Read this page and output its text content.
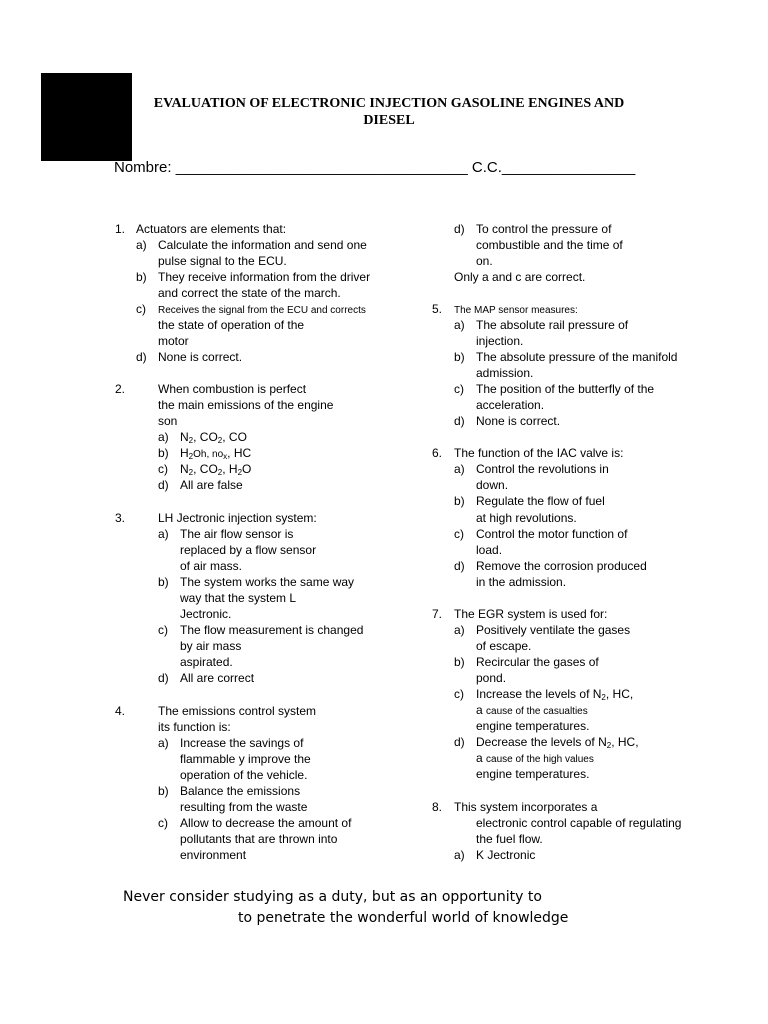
EVALUATION OF ELECTRONIC INJECTION GASOLINE ENGINES AND
DIESEL
Nombre: ___________________________________ C.C.________________
1. Actuators are elements that:
a) Calculate the information and send one
pulse signal to the ECU.
b) They receive information from the driver
and correct the state of the march.
c) Receives the signal from the ECU and corrects
the state of operation of the
motor
d) None is correct.
2.	When combustion is perfect
the main emissions of the engine
son
a) $N_2$, $CO_2$, CO
b) $H_2Oh$, $no_x$, HC
c) $N_2$, $CO_2$, $H_2O$
d) All are false
3.	LH Jectronic injection system:
a) The air flow sensor is
replaced by a flow sensor
of air mass.
b) The system works the same way
way that the system L
Jectronic.
c) The flow measurement is changed
by air mass
aspirated.
d) All are correct
4.	The emissions control system
its function is:
a) Increase the savings of
flammable y improve the
operation of the vehicle.
b) Balance the emissions
resulting from the waste
c) Allow to decrease the amount of
pollutants that are thrown into
environment
d) To control the pressure of
combustible and the time of
on.
Only a and c are correct.
5. The MAP sensor measures:
a) The absolute rail pressure of
injection.
b) The absolute pressure of the manifold
admission.
c) The position of the butterfly of the
acceleration.
d) None is correct.
6. The function of the IAC valve is:
a) Control the revolutions in
down.
b) Regulate the flow of fuel
at high revolutions.
c) Control the motor function of
load.
d) Remove the corrosion produced
in the admission.
7. The EGR system is used for:
a) Positively ventilate the gases
of escape.
b) Recircular the gases of
pond.
c) Increase the levels of $N_2$, HC,
a cause of the casualties
engine temperatures.
d) Decrease the levels of $N_2$, HC,
a cause of the high values
engine temperatures.
8. This system incorporates a
electronic control capable of regulating
the fuel flow.
a) K Jectronic
Never consider studying as a duty, but as an opportunity to
to penetrate the wonderful world of knowledge
